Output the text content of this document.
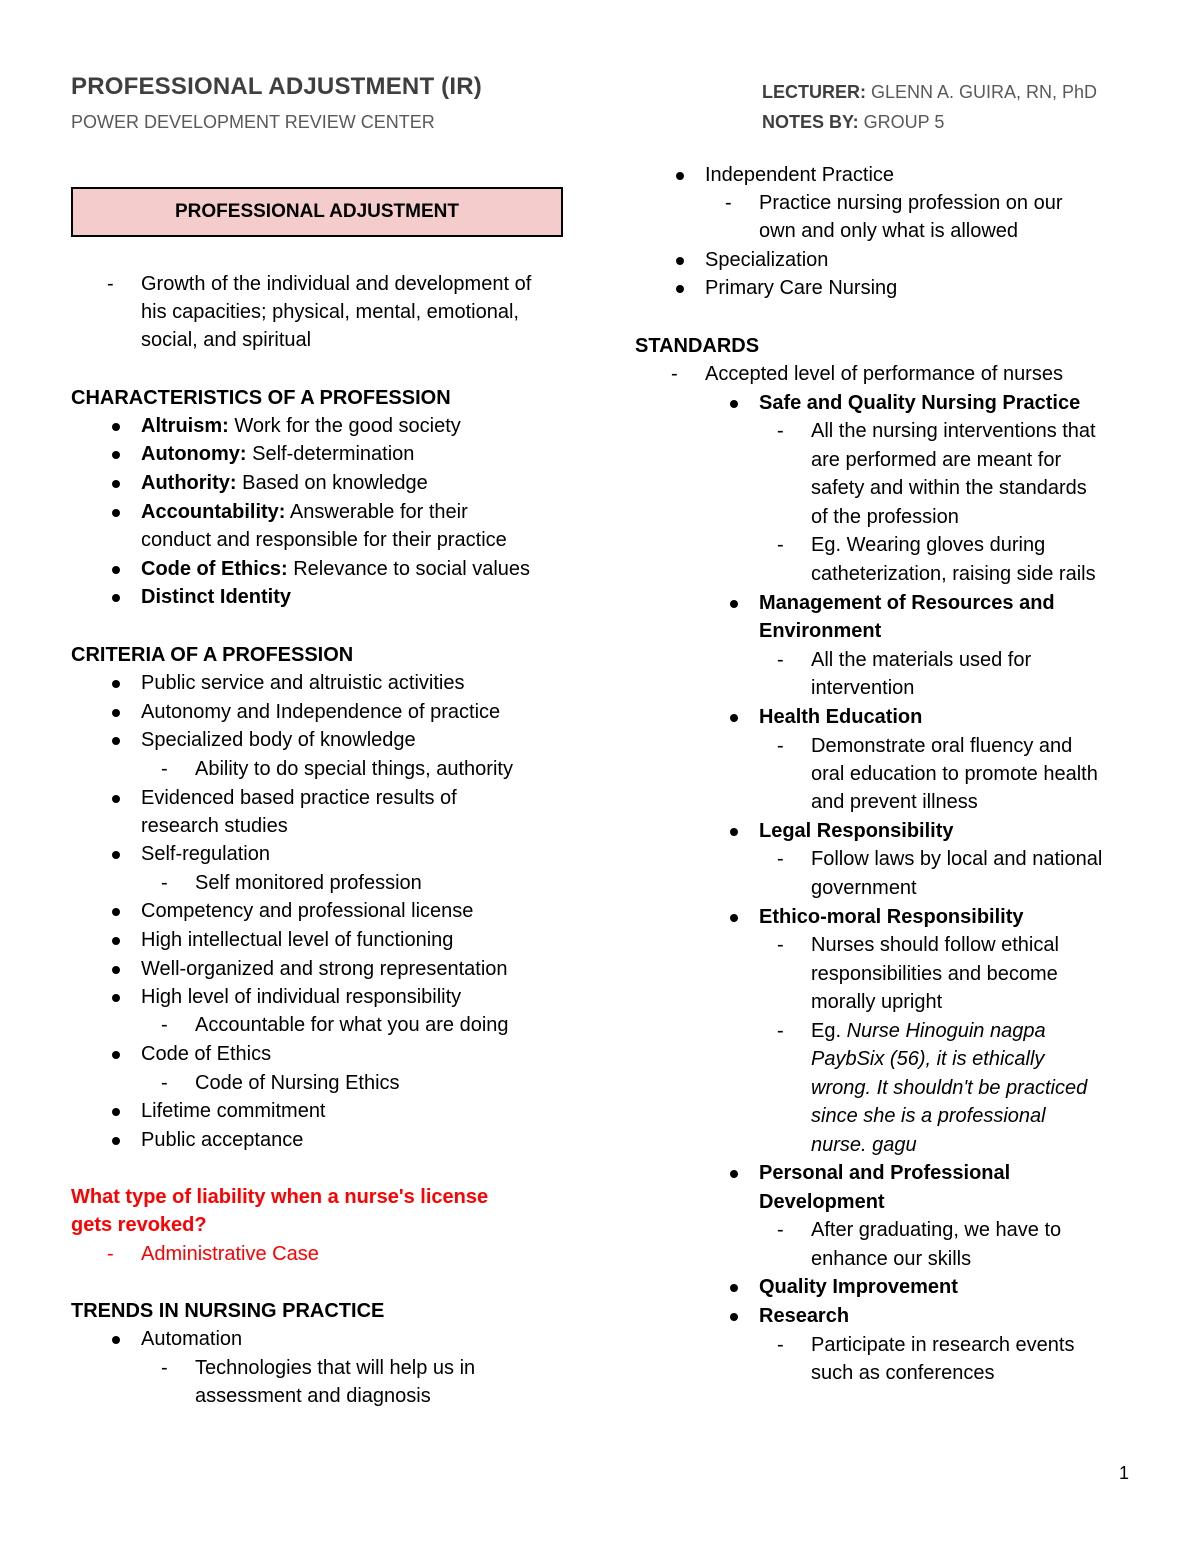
PROFESSIONAL ADJUSTMENT (IR)
POWER DEVELOPMENT REVIEW CENTER
LECTURER: GLENN A. GUIRA, RN, PhD
NOTES BY: GROUP 5
PROFESSIONAL ADJUSTMENT
- Growth of the individual and development of
his capacities; physical, mental, emotional,
social, and spiritual
CHARACTERISTICS OF A PROFESSION
Altruism: Work for the good society
Autonomy: Self-determination
Authority: Based on knowledge
Accountability: Answerable for their
conduct and responsible for their practice
Code of Ethics: Relevance to social values
Distinct Identity
CRITERIA OF A PROFESSION
Public service and altruistic activities
Autonomy and Independence of practice
Specialized body of knowledge
- Ability to do special things, authority
Evidenced based practice results of
research studies
Self-regulation
- Self monitored profession
Competency and professional license
High intellectual level of functioning
Well-organized and strong representation
High level of individual responsibility
- Accountable for what you are doing
Code of Ethics
- Code of Nursing Ethics
Lifetime commitment
Public acceptance
What type of liability when a nurse's license
gets revoked?
- Administrative Case
TRENDS IN NURSING PRACTICE
Automation
- Technologies that will help us in
assessment and diagnosis
Independent Practice
- Practice nursing profession on our
own and only what is allowed
Specialization
Primary Care Nursing
STANDARDS
- Accepted level of performance of nurses
Safe and Quality Nursing Practice
- All the nursing interventions that
are performed are meant for
safety and within the standards
of the profession
- Eg. Wearing gloves during
catheterization, raising side rails
Management of Resources and
Environment
- All the materials used for
intervention
Health Education
- Demonstrate oral fluency and
oral education to promote health
and prevent illness
Legal Responsibility
- Follow laws by local and national
government
Ethico-moral Responsibility
- Nurses should follow ethical
responsibilities and become
morally upright
- Eg. Nurse Hinoguin nagpa
PaybSix (56), it is ethically
wrong. It shouldn't be practiced
since she is a professional
nurse. gagu
Personal and Professional
Development
- After graduating, we have to
enhance our skills
Quality Improvement
Research
- Participate in research events
such as conferences
1
